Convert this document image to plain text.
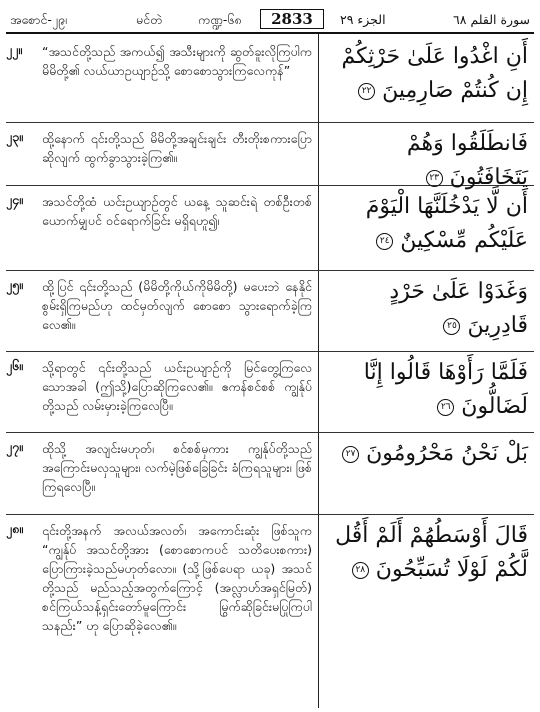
အစောင်-၂၉၊	မင်တဲ	ကဏ္ဍ-၆၈	2833	الجزء ٢٩	سورة القلم ٦٨
၂၂။ “အသင်တို့သည် အကယ်၍ အသီးများကို ဆွတ်ခူးလိုကြပါက မိမိတို့၏ လယ်ယာဥယျာဉ်သို့ စောစောသွားကြလေကုန်”
أَنِ اغْدُوا عَلَىٰ حَرْثِكُمْ إِن كُنتُمْ صَارِمِينَ ٢٢
၂၃။ ထို့နောက် ၎င်းတို့သည် မိမိတို့အချင်းချင်း တီးတိုးစကားပြောဆိုလျက် ထွက်ခွာသွားခဲ့ကြ၏။
فَانطَلَقُوا وَهُمْ يَتَخَافَتُونَ ٢٣
၂၄။ အသင်တို့ထံ ယင်းဥယျာဉ်တွင် ယနေ့ သူဆင်းရဲ တစ်ဦးတစ်ယောက်မျှပင် ဝင်ရောက်ခြင်း မရှိရဟူ၍၊
أَن لَّا يَدْخُلَنَّهَا الْيَوْمَ عَلَيْكُم مِّسْكِينٌ ٢٤
၂၅။ ထို့ပြင် ၎င်းတို့သည် (မိမိတို့ကိုယ်ကိုမိမိတို့) မပေးဘဲ နေနိုင်စွမ်းရှိကြမည်ဟု ထင်မှတ်လျက် စောစော သွားရောက်ခဲ့ကြလေ၏။
وَغَدَوْا عَلَىٰ حَرْدٍ قَادِرِينَ ٢٥
၂၆။ သို့ရာတွင် ၎င်းတို့သည် ယင်းဥယျာဉ်ကို မြင်တွေ့ကြလေသောအခါ (ဤသို့)ပြောဆိုကြလေ၏။ ဧကန်စင်စစ် ကျွန်ုပ်တို့သည် လမ်းမှားခဲ့ကြလေပြီ။
فَلَمَّا رَأَوْهَا قَالُوا إِنَّا لَضَالُّونَ ٢٦
၂၇။ ထိုသို့ အလျင်းမဟုတ်၊ စင်စစ်မှကား ကျွန်ုပ်တို့သည် အကြောင်းမလှသူများ၊ လက်မဲ့ဖြစ်ခြေခြင်း ခံကြရသူများ၊ ဖြစ်ကြရလေပြီ။
بَلْ نَحْنُ مَحْرُومُونَ ٢٧
၂၈။ ၎င်းတို့အနက် အလယ်အလတ်၊ အကောင်းဆုံး ဖြစ်သူက “ကျွန်ုပ် အသင်တို့အား (စောစောကပင် သတိပေးစကား) ပြောကြားခဲ့သည်မဟုတ်လော။ (သို့ဖြစ်ပေရာ ယခု) အသင်တို့သည် မည်သည့်အတွက်ကြောင့် (အလ္လာဟ်အရှင်မြတ်) စင်ကြယ်သန့်ရှင်းတော်မူကြောင်း မြွက်ဆိုခြင်းမပြုကြပါသနည်း” ဟု ပြောဆိုခဲ့လေ၏။
قَالَ أَوْسَطُهُمْ أَلَمْ أَقُل لَّكُمْ لَوْلَا تُسَبِّحُونَ ٢٨
